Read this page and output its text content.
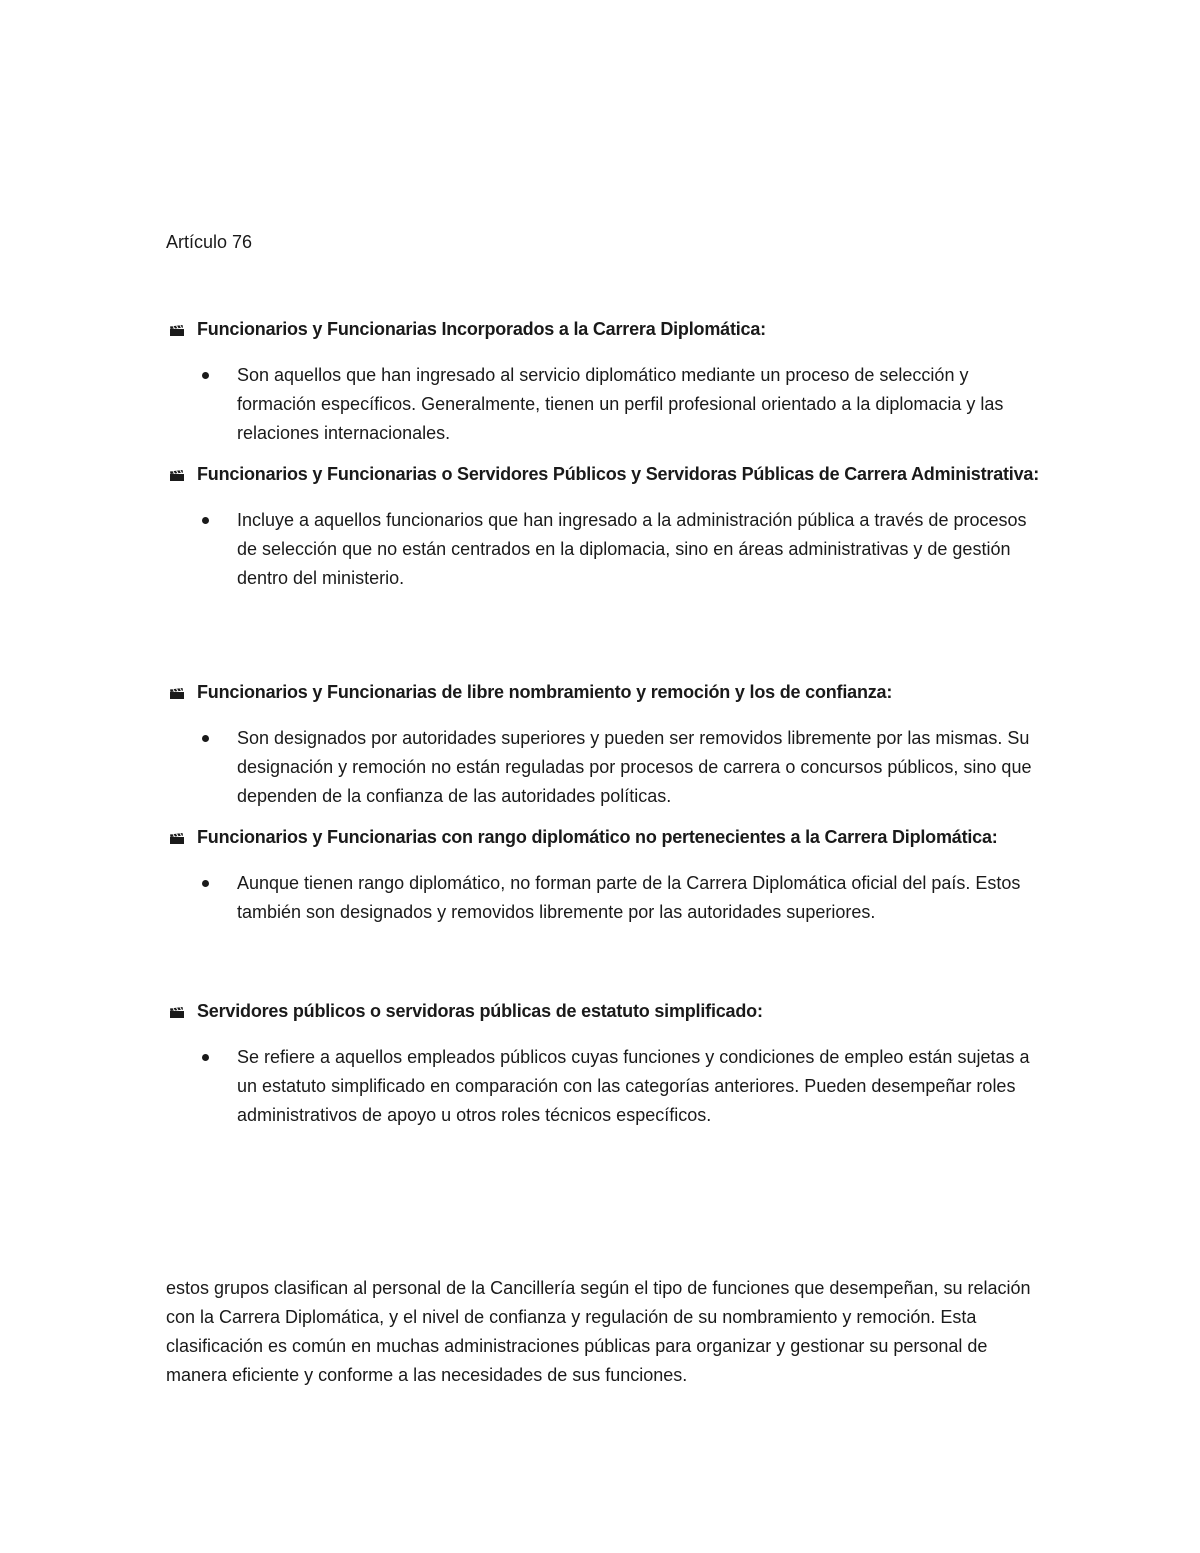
Artículo 76

Funcionarios y Funcionarias Incorporados a la Carrera Diplomática:

Son aquellos que han ingresado al servicio diplomático mediante un proceso de selección y formación específicos. Generalmente, tienen un perfil profesional orientado a la diplomacia y las relaciones internacionales.

Funcionarios y Funcionarias o Servidores Públicos y Servidoras Públicas de Carrera Administrativa:

Incluye a aquellos funcionarios que han ingresado a la administración pública a través de procesos de selección que no están centrados en la diplomacia, sino en áreas administrativas y de gestión dentro del ministerio.

Funcionarios y Funcionarias de libre nombramiento y remoción y los de confianza:

Son designados por autoridades superiores y pueden ser removidos libremente por las mismas. Su designación y remoción no están reguladas por procesos de carrera o concursos públicos, sino que dependen de la confianza de las autoridades políticas.

Funcionarios y Funcionarias con rango diplomático no pertenecientes a la Carrera Diplomática:

Aunque tienen rango diplomático, no forman parte de la Carrera Diplomática oficial del país. Estos también son designados y removidos libremente por las autoridades superiores.

Servidores públicos o servidoras públicas de estatuto simplificado:

Se refiere a aquellos empleados públicos cuyas funciones y condiciones de empleo están sujetas a un estatuto simplificado en comparación con las categorías anteriores. Pueden desempeñar roles administrativos de apoyo u otros roles técnicos específicos.

estos grupos clasifican al personal de la Cancillería según el tipo de funciones que desempeñan, su relación con la Carrera Diplomática, y el nivel de confianza y regulación de su nombramiento y remoción. Esta clasificación es común en muchas administraciones públicas para organizar y gestionar su personal de manera eficiente y conforme a las necesidades de sus funciones.
